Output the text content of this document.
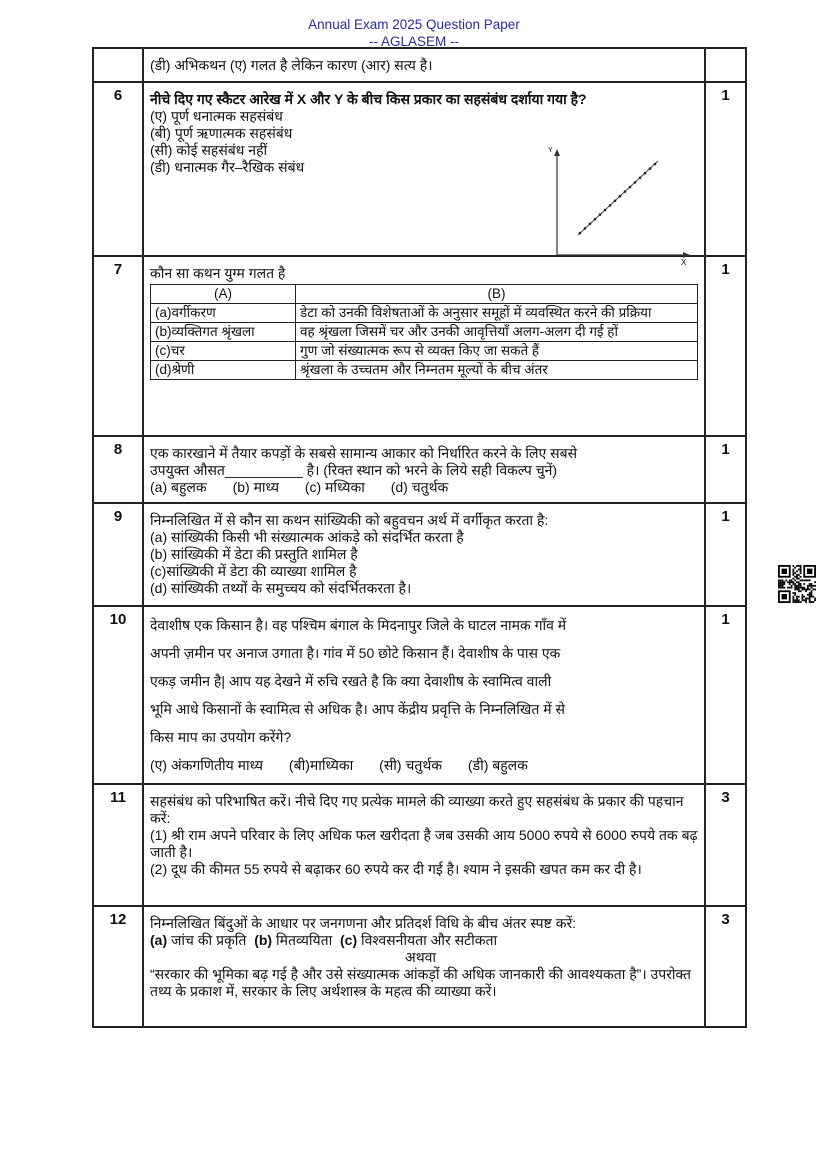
Annual Exam 2025 Question Paper
-- AGLASEM --
	(डी) अभिकथन (ए) गलत है लेकिन कारण (आर) सत्य है।	
6	नीचे दिए गए स्कैटर आरेख में X और Y के बीच किस प्रकार का सहसंबंध दर्शाया गया है?
(ए) पूर्ण धनात्मक सहसंबंध
(बी) पूर्ण ऋणात्मक सहसंबंध
(सी) कोई सहसंबंध नहीं
(डी) धनात्मक गैर–रैखिक संबंध
Y
X
	1
7	कौन सा कथन युग्म गलत है
(A)	(B)
(a)वर्गीकरण	डेटा को उनकी विशेषताओं के अनुसार समूहों में व्यवस्थित करने की प्रक्रिया
(b)व्यक्तिगत श्रृंखला	वह श्रृंखला जिसमें चर और उनकी आवृत्तियाँ अलग-अलग दी गई हों
(c)चर	गुण जो संख्यात्मक रूप से व्यक्त किए जा सकते हैं
(d)श्रेणी	श्रृंखला के उच्चतम और निम्नतम मूल्यों के बीच अंतर
	1
8	एक कारखाने में तैयार कपड़ों के सबसे सामान्य आकार को निर्धारित करने के लिए सबसे
उपयुक्त औसत__________ है। (रिक्त स्थान को भरने के लिये सही विकल्प चुनें)
(a) बहुलक (b) माध्य (c) मध्यिका (d) चतुर्थक
	1
9	निम्नलिखित में से कौन सा कथन सांख्यिकी को बहुवचन अर्थ में वर्गीकृत करता है:
(a) सांख्यिकी किसी भी संख्यात्मक आंकड़े को संदर्भित करता है
(b) सांख्यिकी में डेटा की प्रस्तुति शामिल है
(c)सांख्यिकी में डेटा की व्याख्या शामिल है
(d) सांख्यिकी तथ्यों के समुच्चय को संदर्भितकरता है।
	1
10	देवाशीष एक किसान है। वह पश्चिम बंगाल के मिदनापुर जिले के घाटल नामक गाँव में
अपनी ज़मीन पर अनाज उगाता है। गांव में 50 छोटे किसान हैं। देवाशीष के पास एक
एकड़ जमीन है| आप यह देखने में रुचि रखते है कि क्या देवाशीष के स्वामित्व वाली
भूमि आधे किसानों के स्वामित्व से अधिक है। आप केंद्रीय प्रवृत्ति के निम्नलिखित में से
किस माप का उपयोग करेंगे?
(ए) अंकगणितीय माध्य (बी)माध्यिका (सी) चतुर्थक (डी) बहुलक
	1
11	सहसंबंध को परिभाषित करें। नीचे दिए गए प्रत्येक मामले की व्याख्या करते हुए सहसंबंध के प्रकार की पहचान करें:
(1) श्री राम अपने परिवार के लिए अधिक फल खरीदता है जब उसकी आय 5000 रुपये से 6000 रुपये तक बढ़ जाती है।
(2) दूध की कीमत 55 रुपये से बढ़ाकर 60 रुपये कर दी गई है। श्याम ने इसकी खपत कम कर दी है।
	3
12	निम्नलिखित बिंदुओं के आधार पर जनगणना और प्रतिदर्श विधि के बीच अंतर स्पष्ट करें:
(a) जांच की प्रकृति (b) मितव्ययिता (c) विश्वसनीयता और सटीकता
अथवा
“सरकार की भूमिका बढ़ गई है और उसे संख्यात्मक आंकड़ों की अधिक जानकारी की आवश्यकता है”। उपरोक्त तथ्य के प्रकाश में, सरकार के लिए अर्थशास्त्र के महत्व की व्याख्या करें।
	3
